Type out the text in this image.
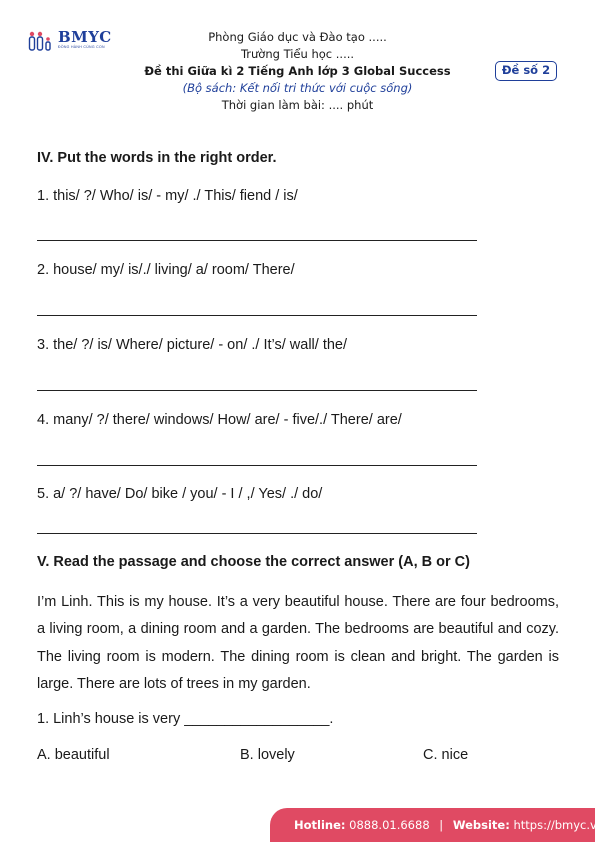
BMYC
ĐỒNG HÀNH CÙNG CON
Phòng Giáo dục và Đào tạo .....
Trường Tiểu học .....
Đề thi Giữa kì 2 Tiếng Anh lớp 3 Global Success
(Bộ sách: Kết nối tri thức với cuộc sống)
Thời gian làm bài: .... phút
Đề số 2
IV. Put the words in the right order.
1. this/ ?/ Who/ is/ - my/ ./ This/ fiend / is/
2. house/ my/ is/./ living/ a/ room/ There/
3. the/ ?/ is/ Where/ picture/ - on/ ./ It’s/ wall/ the/
4. many/ ?/ there/ windows/ How/ are/ - five/./ There/ are/
5. a/ ?/ have/ Do/ bike / you/ - I / ,/ Yes/ ./ do/
V. Read the passage and choose the correct answer (A, B or C)
I’m Linh. This is my house. It’s a very beautiful house. There are four bedrooms, a living room, a dining room and a garden. The bedrooms are beautiful and cozy. The living room is modern. The dining room is clean and bright. The garden is large. There are lots of trees in my garden.
1. Linh’s house is very __________________.
A. beautiful	B. lovely	C. nice
Hotline: 0888.01.6688 | Website: https://bmyc.vn
